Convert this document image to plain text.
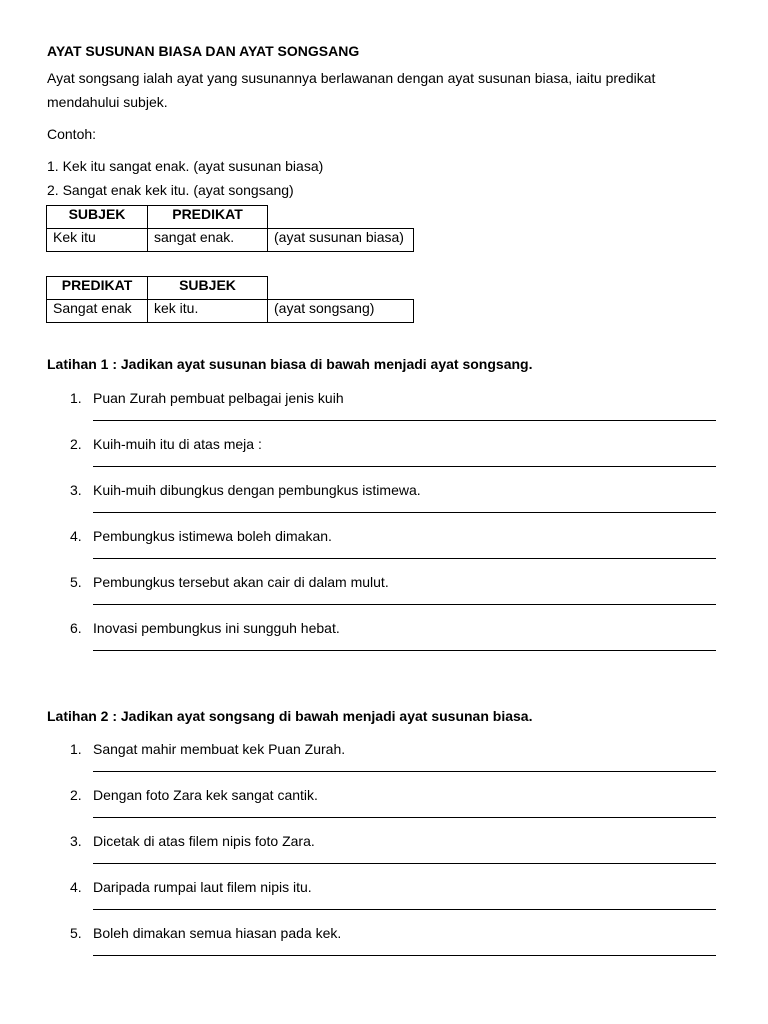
AYAT SUSUNAN BIASA DAN AYAT SONGSANG
Ayat songsang ialah ayat yang susunannya berlawanan dengan ayat susunan biasa, iaitu predikat
mendahului subjek.
Contoh:
1. Kek itu sangat enak. (ayat susunan biasa)
2. Sangat enak kek itu. (ayat songsang)
SUBJEK	PREDIKAT	
Kek itu	sangat enak.	(ayat susunan biasa)
PREDIKAT	SUBJEK	
Sangat enak	kek itu.	(ayat songsang)
Latihan 1 : Jadikan ayat susunan biasa di bawah menjadi ayat songsang.
1. Puan Zurah pembuat pelbagai jenis kuih
2. Kuih-muih itu di atas meja :
3. Kuih-muih dibungkus dengan pembungkus istimewa.
4. Pembungkus istimewa boleh dimakan.
5. Pembungkus tersebut akan cair di dalam mulut.
6. Inovasi pembungkus ini sungguh hebat.
Latihan 2 : Jadikan ayat songsang di bawah menjadi ayat susunan biasa.
1. Sangat mahir membuat kek Puan Zurah.
2. Dengan foto Zara kek sangat cantik.
3. Dicetak di atas filem nipis foto Zara.
4. Daripada rumpai laut filem nipis itu.
5. Boleh dimakan semua hiasan pada kek.
